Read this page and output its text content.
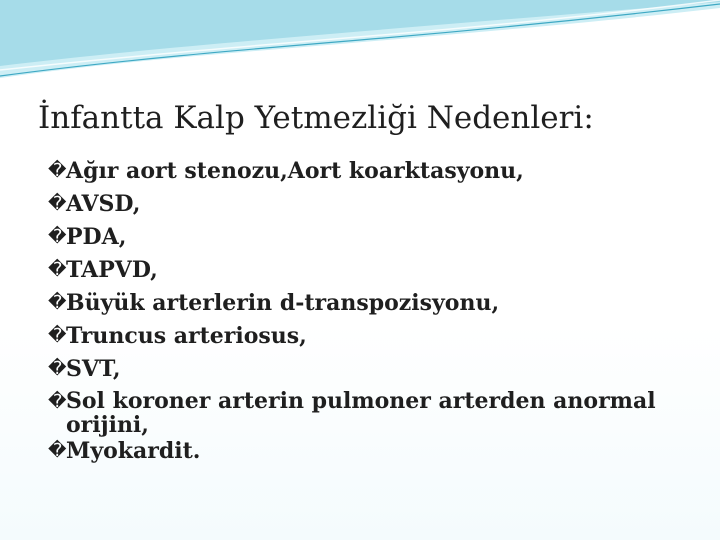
İnfantta Kalp Yetmezliği Nedenleri:
� Ağır aort stenozu,Aort koarktasyonu,
� AVSD,
� PDA,
� TAPVD,
� Büyük arterlerin d-transpozisyonu,
� Truncus arteriosus,
� SVT,
� Sol koroner arterin pulmoner arterden anormal orijini,
� Myokardit.
